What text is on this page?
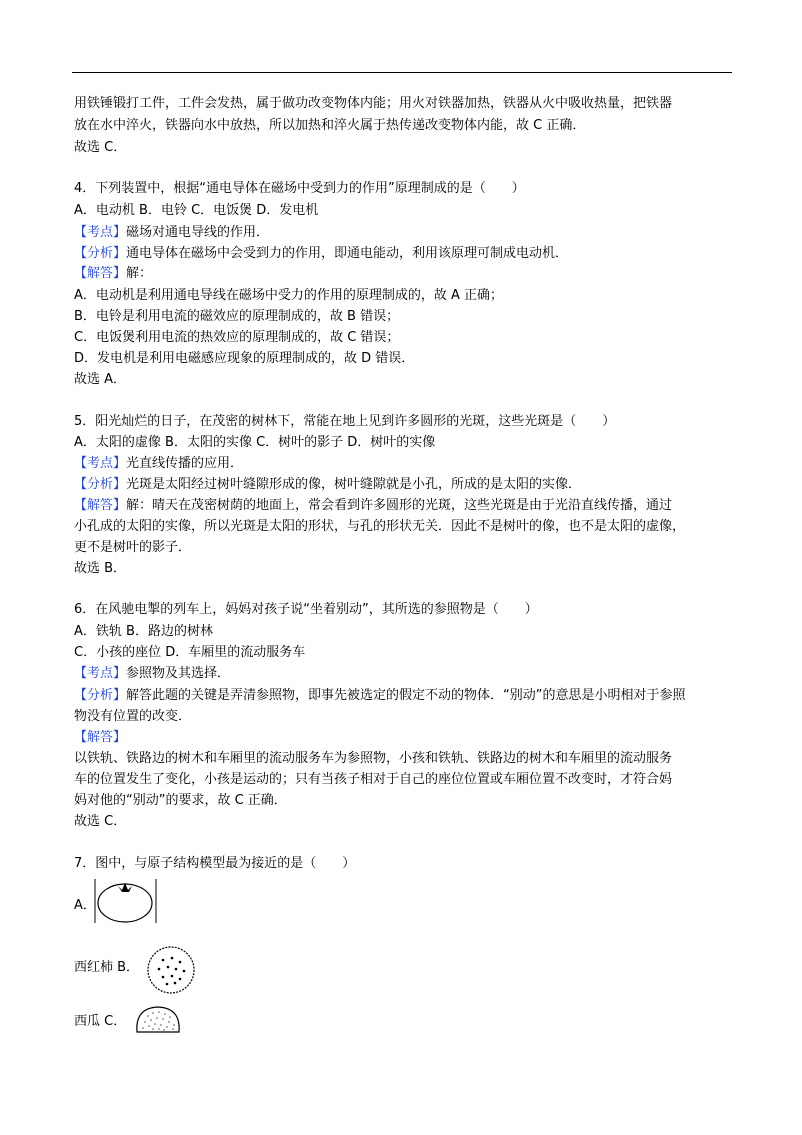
用铁锤锻打工件，工件会发热，属于做功改变物体内能；用火对铁器加热，铁器从火中吸收热量，把铁器
放在水中淬火，铁器向水中放热，所以加热和淬火属于热传递改变物体内能，故 C 正确．
故选 C．
4．下列装置中，根据“通电导体在磁场中受到力的作用”原理制成的是（　　）
A．电动机 B．电铃 C．电饭煲 D．发电机
【考点】磁场对通电导线的作用．
【分析】通电导体在磁场中会受到力的作用，即通电能动，利用该原理可制成电动机．
【解答】解：
A．电动机是利用通电导线在磁场中受力的作用的原理制成的，故 A 正确；
B．电铃是利用电流的磁效应的原理制成的，故 B 错误；
C．电饭煲利用电流的热效应的原理制成的，故 C 错误；
D．发电机是利用电磁感应现象的原理制成的，故 D 错误．
故选 A．
5．阳光灿烂的日子，在茂密的树林下，常能在地上见到许多圆形的光斑，这些光斑是（　　）
A．太阳的虚像 B．太阳的实像 C．树叶的影子 D．树叶的实像
【考点】光直线传播的应用．
【分析】光斑是太阳经过树叶缝隙形成的像，树叶缝隙就是小孔，所成的是太阳的实像．
【解答】解：晴天在茂密树荫的地面上，常会看到许多圆形的光斑，这些光斑是由于光沿直线传播，通过
小孔成的太阳的实像，所以光斑是太阳的形状，与孔的形状无关．因此不是树叶的像，也不是太阳的虚像，
更不是树叶的影子．
故选 B．
6．在风驰电掣的列车上，妈妈对孩子说“坐着别动”，其所选的参照物是（　　）
A．铁轨 B．路边的树林
C．小孩的座位 D．车厢里的流动服务车
【考点】参照物及其选择．
【分析】解答此题的关键是弄清参照物，即事先被选定的假定不动的物体．“别动”的意思是小明相对于参照
物没有位置的改变．
【解答】
以铁轨、铁路边的树木和车厢里的流动服务车为参照物，小孩和铁轨、铁路边的树木和车厢里的流动服务
车的位置发生了变化，小孩是运动的；只有当孩子相对于自己的座位位置或车厢位置不改变时，才符合妈
妈对他的“别动”的要求，故 C 正确．
故选 C．
7．图中，与原子结构模型最为接近的是（　　）
A．
西红柿 B．
西瓜 C．
